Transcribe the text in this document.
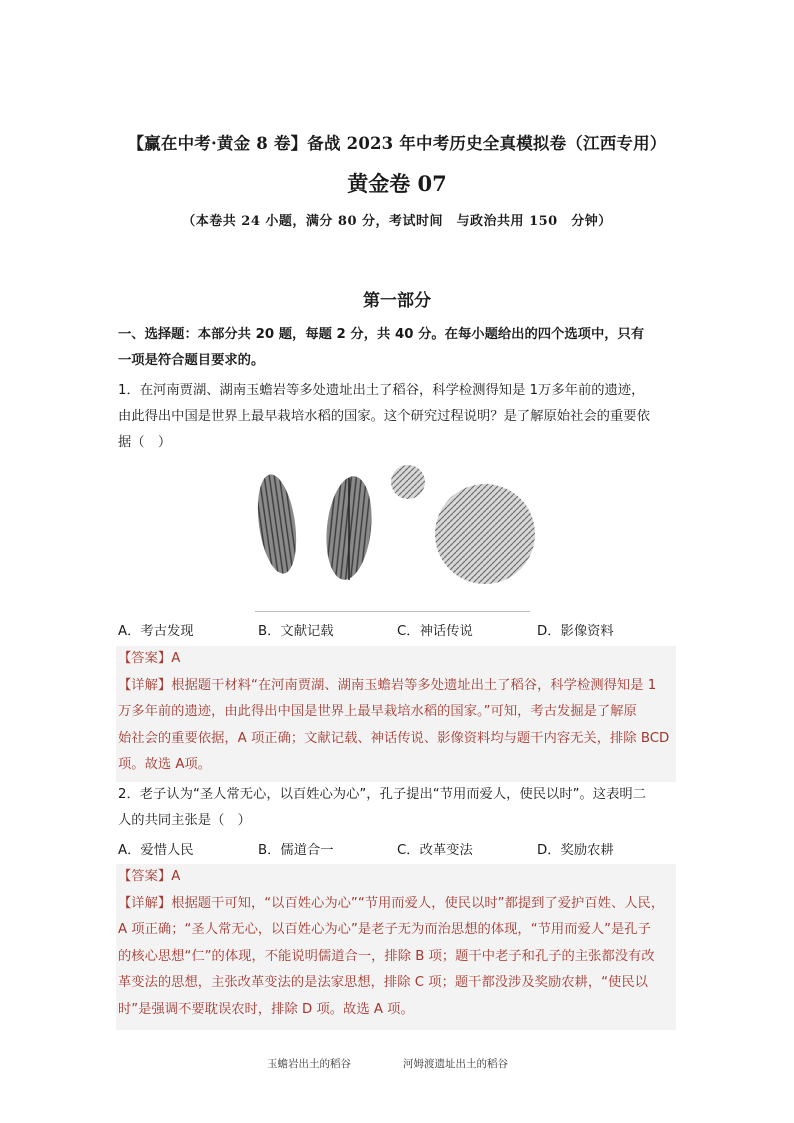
【赢在中考·黄金 8 卷】备战 2023 年中考历史全真模拟卷（江西专用）
黄金卷 07
（本卷共 24 小题，满分 80 分，考试时间　与政治共用 150　分钟）
第一部分
一、选择题：本部分共 20 题，每题 2 分，共 40 分。在每小题给出的四个选项中，只有
一项是符合题目要求的。
1．在河南贾湖、湖南玉蟾岩等多处遗址出土了稻谷，科学检测得知是 1万多年前的遗迹，
由此得出中国是世界上最早栽培水稻的国家。这个研究过程说明？是了解原始社会的重要依
据（　）
玉蟾岩出土的稻谷	河姆渡遗址出土的稻谷
A．考古发现	B．文献记载	C．神话传说	D．影像资料
【答案】A
【详解】根据题干材料“在河南贾湖、湖南玉蟾岩等多处遗址出土了稻谷，科学检测得知是 1
万多年前的遗迹，由此得出中国是世界上最早栽培水稻的国家。”可知，考古发掘是了解原
始社会的重要依据，A 项正确；文献记载、神话传说、影像资料均与题干内容无关，排除 BCD
项。故选 A项。
2．老子认为“圣人常无心，以百姓心为心”，孔子提出“节用而爱人，使民以时”。这表明二
人的共同主张是（　）
A．爱惜人民	B．儒道合一	C．改革变法	D．奖励农耕
【答案】A
【详解】根据题干可知，“以百姓心为心”“节用而爱人，使民以时”都提到了爱护百姓、人民，
A 项正确；“圣人常无心，以百姓心为心”是老子无为而治思想的体现，“节用而爱人”是孔子
的核心思想“仁”的体现，不能说明儒道合一，排除 B 项；题干中老子和孔子的主张都没有改
革变法的思想，主张改革变法的是法家思想，排除 C 项；题干都没涉及奖励农耕，“使民以
时”是强调不要耽误农时，排除 D 项。故选 A 项。
